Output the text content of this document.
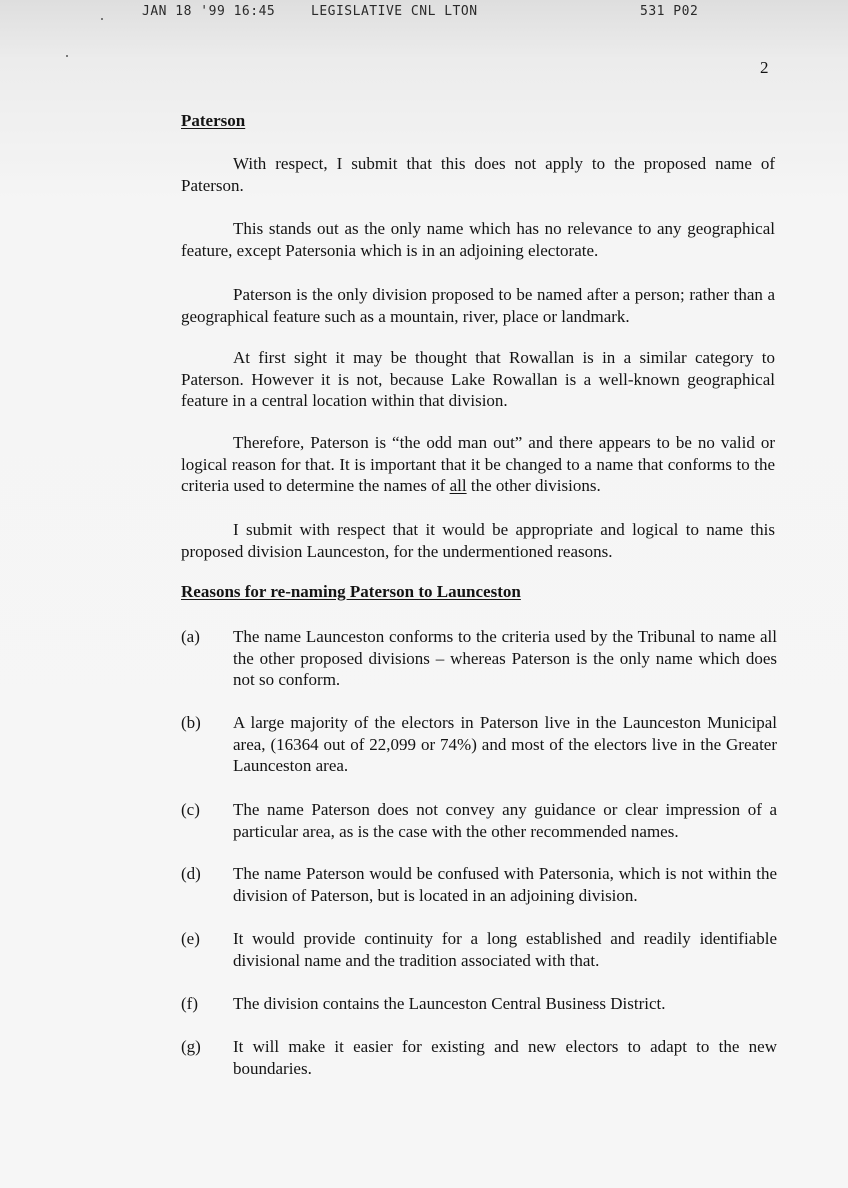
JAN 18 '99 16:45	LEGISLATIVE CNL LTON	531 P02
2
Paterson

With respect, I submit that this does not apply to the proposed name of Paterson.

This stands out as the only name which has no relevance to any geographical feature, except Patersonia which is in an adjoining electorate.

Paterson is the only division proposed to be named after a person; rather than a geographical feature such as a mountain, river, place or landmark.

At first sight it may be thought that Rowallan is in a similar category to Paterson. However it is not, because Lake Rowallan is a well-known geographical feature in a central location within that division.

Therefore, Paterson is “the odd man out” and there appears to be no valid or logical reason for that. It is important that it be changed to a name that conforms to the criteria used to determine the names of all the other divisions.

I submit with respect that it would be appropriate and logical to name this proposed division Launceston, for the undermentioned reasons.

Reasons for re-naming Paterson to Launceston
(a) The name Launceston conforms to the criteria used by the Tribunal to name all the other proposed divisions – whereas Paterson is the only name which does not so conform.

(b) A large majority of the electors in Paterson live in the Launceston Municipal area, (16364 out of 22,099 or 74%) and most of the electors live in the Greater Launceston area.

(c) The name Paterson does not convey any guidance or clear impression of a particular area, as is the case with the other recommended names.

(d) The name Paterson would be confused with Patersonia, which is not within the division of Paterson, but is located in an adjoining division.

(e) It would provide continuity for a long established and readily identifiable divisional name and the tradition associated with that.

(f) The division contains the Launceston Central Business District.

(g) It will make it easier for existing and new electors to adapt to the new boundaries.
